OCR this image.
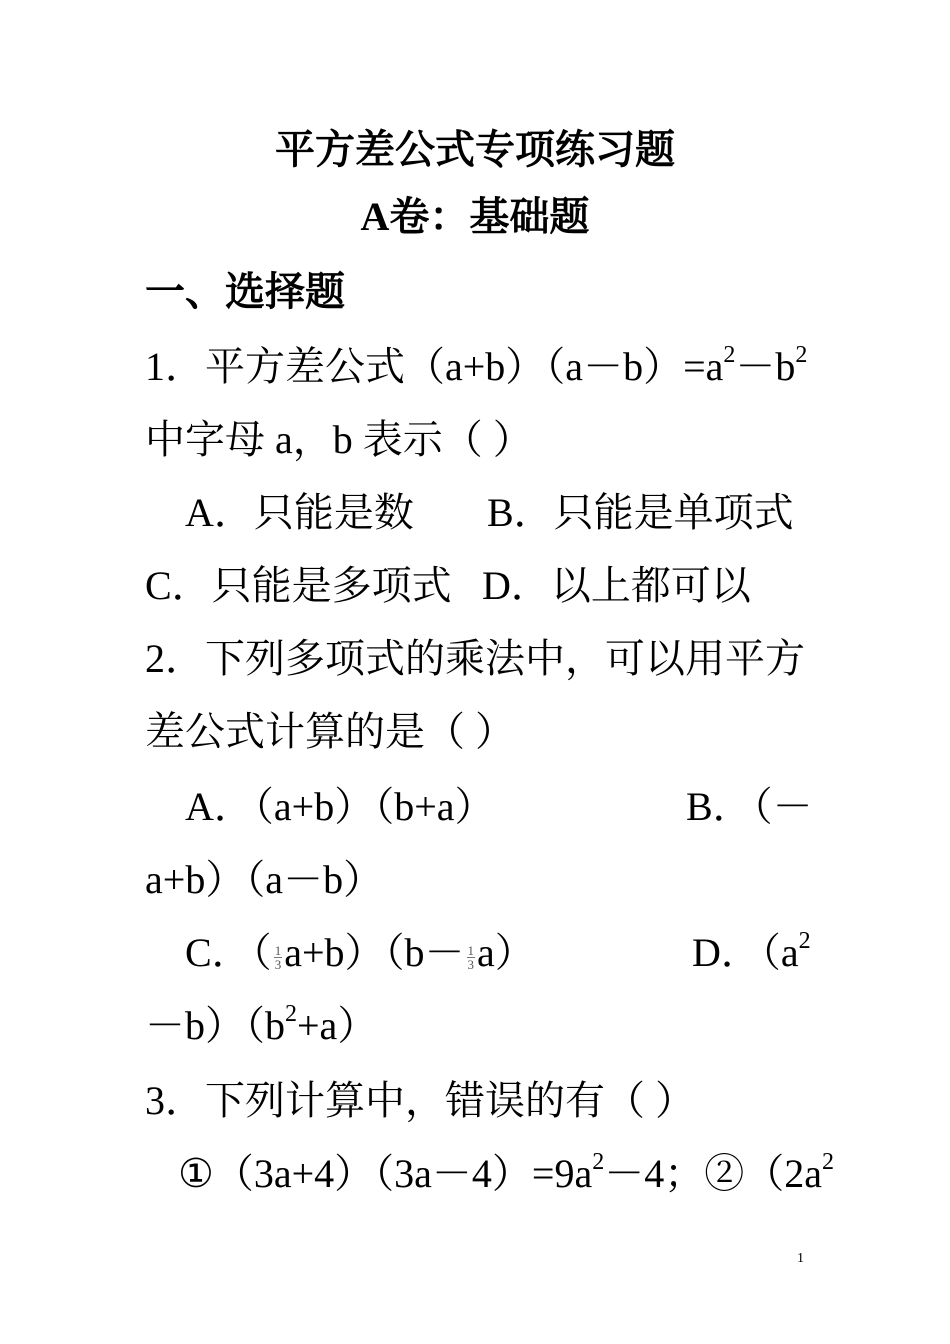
平方差公式专项练习题
A卷：基础题
一、选择题
1．平方差公式$(a+b)(a-b)=a^2-b^2$
中字母 a，b 表示（ ）
A．只能是数 B．只能是单项式
C．只能是多项式 D．以上都可以
2．下列多项式的乘法中，可以用平方
差公式计算的是（ ）
A．（a+b）（b+a）	B．（－
a+b）（a－b）
C．（ $\frac{1}{3} a+b)(b- \frac{1}{3} a)$	D．（$a^2$
$-b)(b^2+a)$
3．下列计算中，错误的有（ ）
$①(3a+4)(3a-4)=9a^2-4$；$②(2a^2$
1
